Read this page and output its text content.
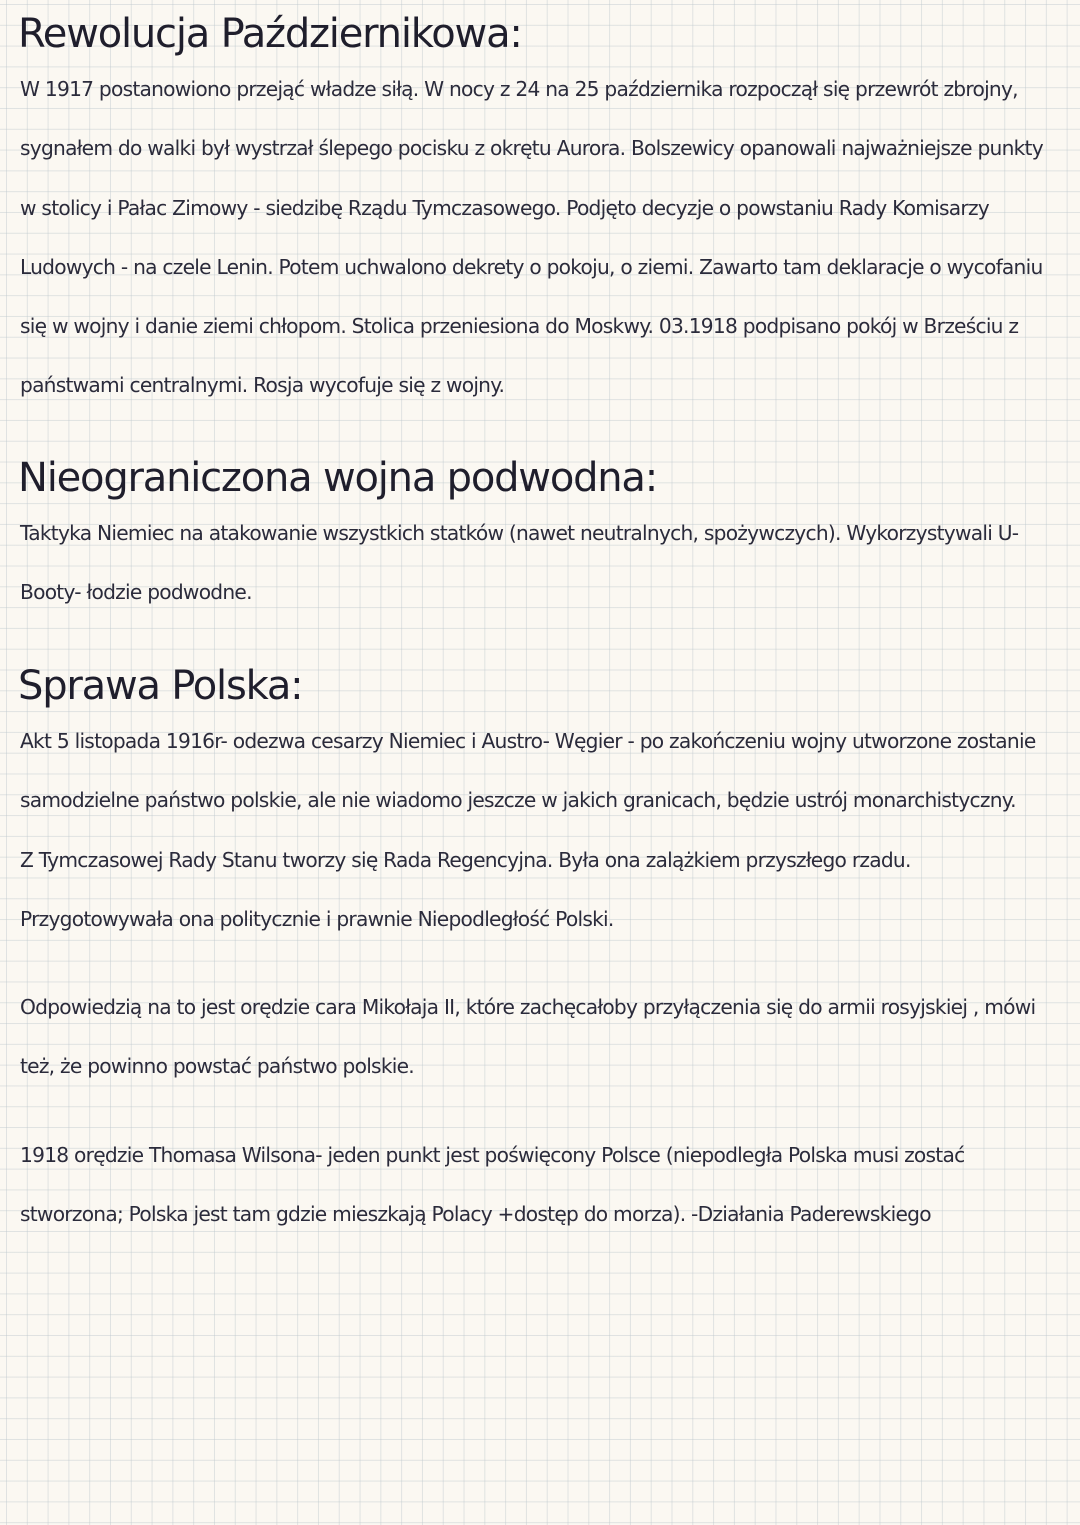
Rewolucja Październikowa:

W 1917 postanowiono przejąć władze siłą. W nocy z 24 na 25 października rozpoczął się przewrót zbrojny, sygnałem do walki był wystrzał ślepego pocisku z okrętu Aurora. Bolszewicy opanowali najważniejsze punkty w stolicy i Pałac Zimowy - siedzibę Rządu Tymczasowego. Podjęto decyzje o powstaniu Rady Komisarzy Ludowych - na czele Lenin. Potem uchwalono dekrety o pokoju, o ziemi. Zawarto tam deklaracje o wycofaniu się w wojny i danie ziemi chłopom. Stolica przeniesiona do Moskwy. 03.1918 podpisano pokój w Brześciu z państwami centralnymi. Rosja wycofuje się z wojny.

Nieograniczona wojna podwodna:

Taktyka Niemiec na atakowanie wszystkich statków (nawet neutralnych, spożywczych). Wykorzystywali U-Booty- łodzie podwodne.

Sprawa Polska:

Akt 5 listopada 1916r- odezwa cesarzy Niemiec i Austro- Węgier - po zakończeniu wojny utworzone zostanie samodzielne państwo polskie, ale nie wiadomo jeszcze w jakich granicach, będzie ustrój monarchistyczny.

Z Tymczasowej Rady Stanu tworzy się Rada Regencyjna. Była ona zalążkiem przyszłego rzadu. Przygotowywała ona politycznie i prawnie Niepodległość Polski.

Odpowiedzią na to jest orędzie cara Mikołaja II, które zachęcałoby przyłączenia się do armii rosyjskiej , mówi też, że powinno powstać państwo polskie.

1918 orędzie Thomasa Wilsona- jeden punkt jest poświęcony Polsce (niepodległa Polska musi zostać stworzona; Polska jest tam gdzie mieszkają Polacy +dostęp do morza). -Działania Paderewskiego
